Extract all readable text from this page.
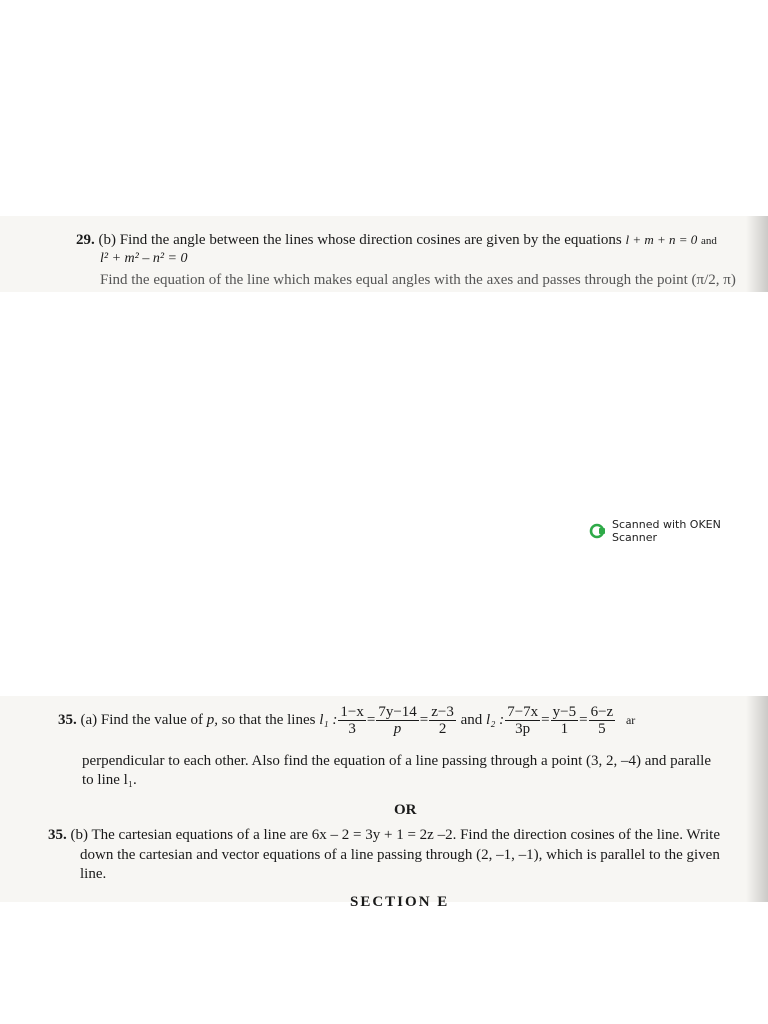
29. (b) Find the angle between the lines whose direction cosines are given by the equations l + m + n = 0 and
l² + m² – n² = 0
Find the equation of the line which makes equal angles with the axes and passes through the point (π/2, π)
Scanned with OKEN Scanner
35. (a) Find the value of p, so that the lines l₁ : $\frac{1-x}{3} = \frac{7y-14}{p} = \frac{z-3}{2}$ and l₂ : $\frac{7-7x}{3p} = \frac{y-5}{1} = \frac{6-z}{5}$ ar
perpendicular to each other. Also find the equation of a line passing through a point (3, 2, –4) and paralle
to line l₁.
OR
35. (b) The cartesian equations of a line are 6x – 2 = 3y + 1 = 2z –2. Find the direction cosines of the line. Write
down the cartesian and vector equations of a line passing through (2, –1, –1), which is parallel to the given
line.
SECTION E
